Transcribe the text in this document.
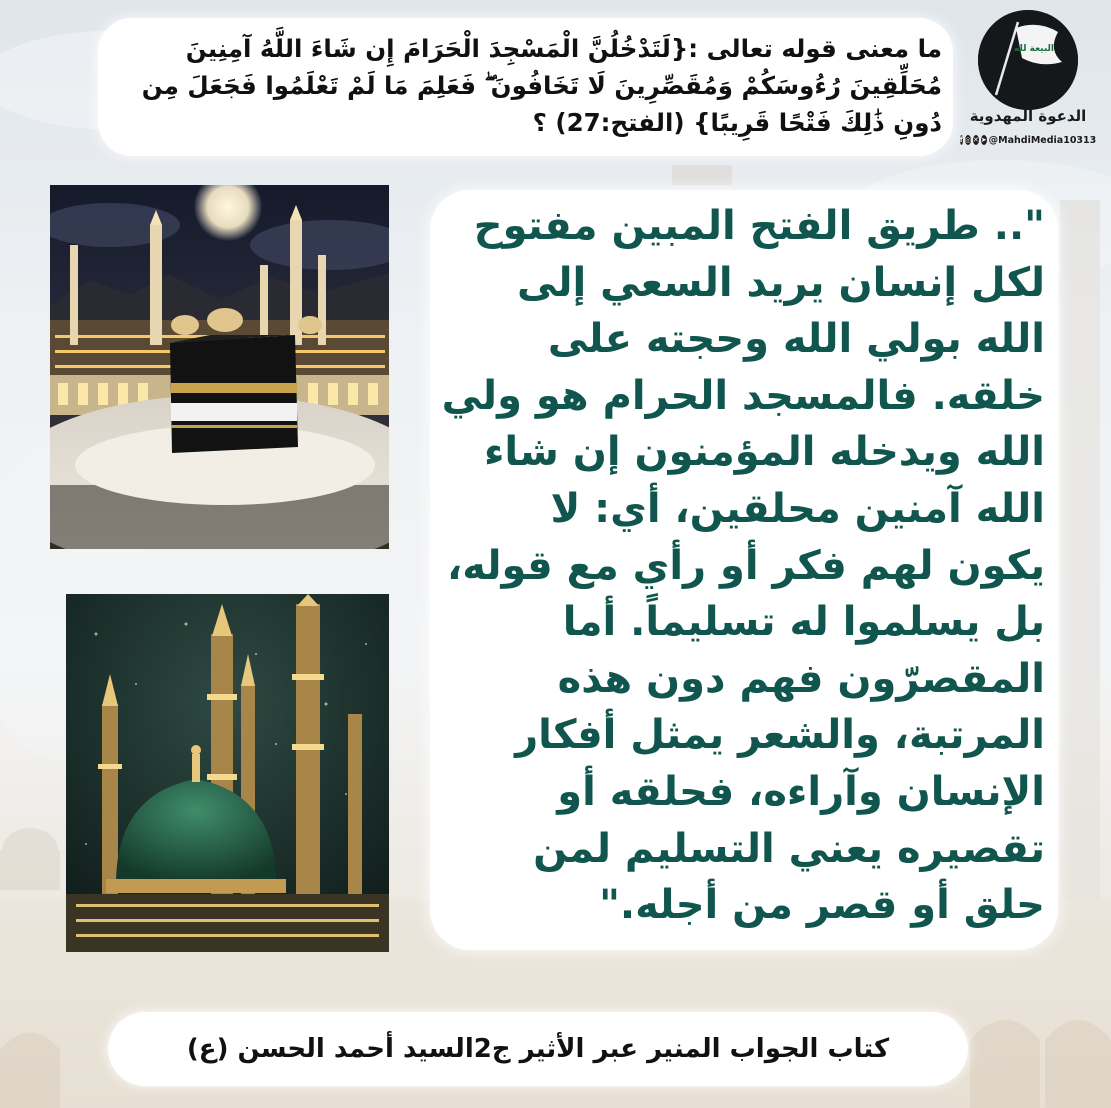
ما معنى قوله تعالى :{لَتَدْخُلُنَّ الْمَسْجِدَ الْحَرَامَ إِن شَاءَ اللَّهُ آمِنِينَ مُحَلِّقِينَ رُءُوسَكُمْ وَمُقَصِّرِينَ لَا تَخَافُونَ ۖ فَعَلِمَ مَا لَمْ تَعْلَمُوا فَجَعَلَ مِن دُونِ ذَٰلِكَ فَتْحًا قَرِيبًا} (الفتح:27) ؟
البيعة لله
الدعوة المهدوية
f ◎ ✕ ➤ @MahdiMedia10313
".. طريق الفتح المبين مفتوح لكل إنسان يريد السعي إلى الله بولي الله وحجته على خلقه. فالمسجد الحرام هو ولي الله ويدخله المؤمنون إن شاء الله آمنين محلقين، أي: لا يكون لهم فكر أو رأي مع قوله، بل يسلموا له تسليماً. أما المقصرّون فهم دون هذه المرتبة، والشعر يمثل أفكار الإنسان وآراءه، فحلقه أو تقصيره يعني التسليم لمن حلق أو قصر من أجله."
كتاب الجواب المنير عبر الأثير ج2السيد أحمد الحسن (ع)
